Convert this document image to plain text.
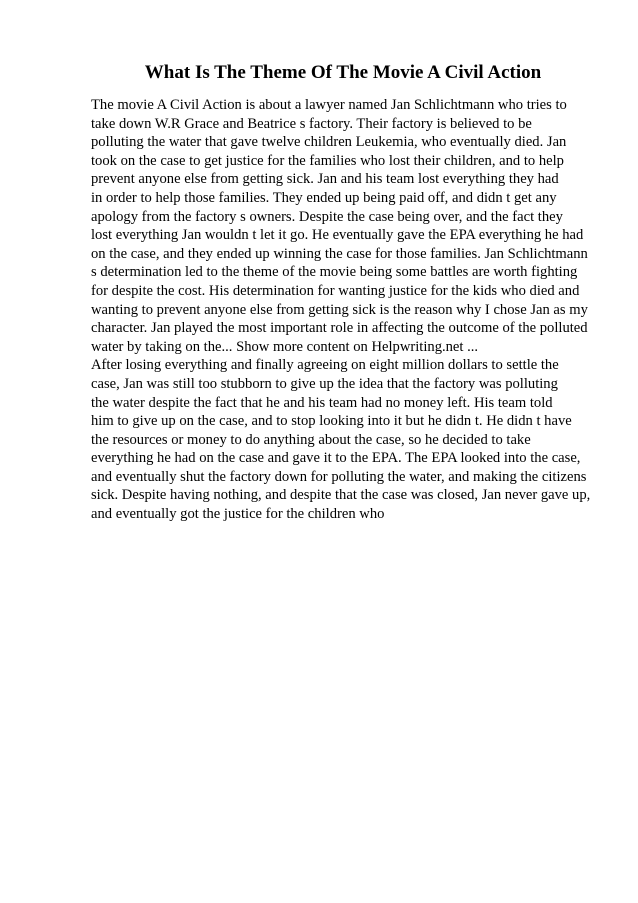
What Is The Theme Of The Movie A Civil Action
The movie A Civil Action is about a lawyer named Jan Schlichtmann who tries to
take down W.R Grace and Beatrice s factory. Their factory is believed to be
polluting the water that gave twelve children Leukemia, who eventually died. Jan
took on the case to get justice for the families who lost their children, and to help
prevent anyone else from getting sick. Jan and his team lost everything they had
in order to help those families. They ended up being paid off, and didn t get any
apology from the factory s owners. Despite the case being over, and the fact they
lost everything Jan wouldn t let it go. He eventually gave the EPA everything he had
on the case, and they ended up winning the case for those families. Jan Schlichtmann
s determination led to the theme of the movie being some battles are worth fighting
for despite the cost. His determination for wanting justice for the kids who died and
wanting to prevent anyone else from getting sick is the reason why I chose Jan as my
character. Jan played the most important role in affecting the outcome of the polluted
water by taking on the... Show more content on Helpwriting.net ...
After losing everything and finally agreeing on eight million dollars to settle the
case, Jan was still too stubborn to give up the idea that the factory was polluting
the water despite the fact that he and his team had no money left. His team told
him to give up on the case, and to stop looking into it but he didn t. He didn t have
the resources or money to do anything about the case, so he decided to take
everything he had on the case and gave it to the EPA. The EPA looked into the case,
and eventually shut the factory down for polluting the water, and making the citizens
sick. Despite having nothing, and despite that the case was closed, Jan never gave up,
and eventually got the justice for the children who
